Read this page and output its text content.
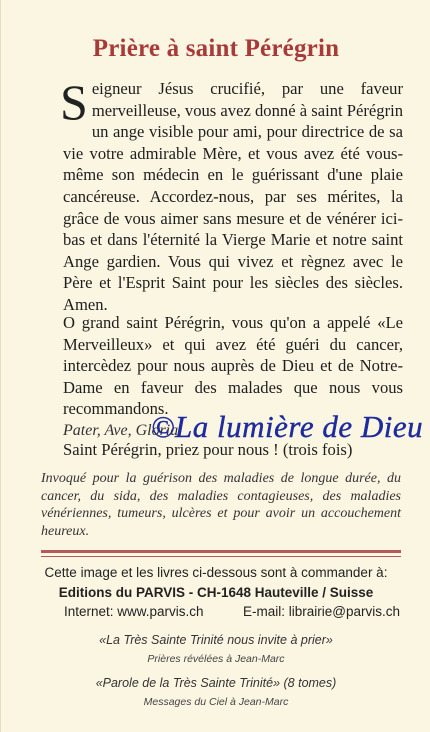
Prière à saint Pérégrin
Seigneur Jésus crucifié, par une faveur merveilleuse, vous avez donné à saint Pérégrin un ange visible pour ami, pour directrice de sa vie votre admirable Mère, et vous avez été vous-même son médecin en le guérissant d'une plaie cancéreuse. Accordez-nous, par ses mérites, la grâce de vous aimer sans mesure et de vénérer ici-bas et dans l'éternité la Vierge Marie et notre saint Ange gardien. Vous qui vivez et règnez avec le Père et l'Esprit Saint pour les siècles des siècles. Amen.
O grand saint Pérégrin, vous qu'on a appelé «Le Merveilleux» et qui avez été guéri du cancer, intercèdez pour nous auprès de Dieu et de Notre-Dame en faveur des malades que nous vous recommandons.
Pater, Ave, Gloria
Saint Pérégrin, priez pour nous ! (trois fois)
©La lumière de Dieu
Invoqué pour la guérison des maladies de longue durée, du cancer, du sida, des maladies contagieuses, des maladies vénériennes, tumeurs, ulcères et pour avoir un accouchement heureux.
Cette image et les livres ci-dessous sont à commander à:
Editions du PARVIS - CH-1648 Hauteville / Suisse
Internet: www.parvis.ch	E-mail: librairie@parvis.ch
«La Très Sainte Trinité nous invite à prier»
Prières révélées à Jean-Marc
«Parole de la Très Sainte Trinité» (8 tomes)
Messages du Ciel à Jean-Marc
